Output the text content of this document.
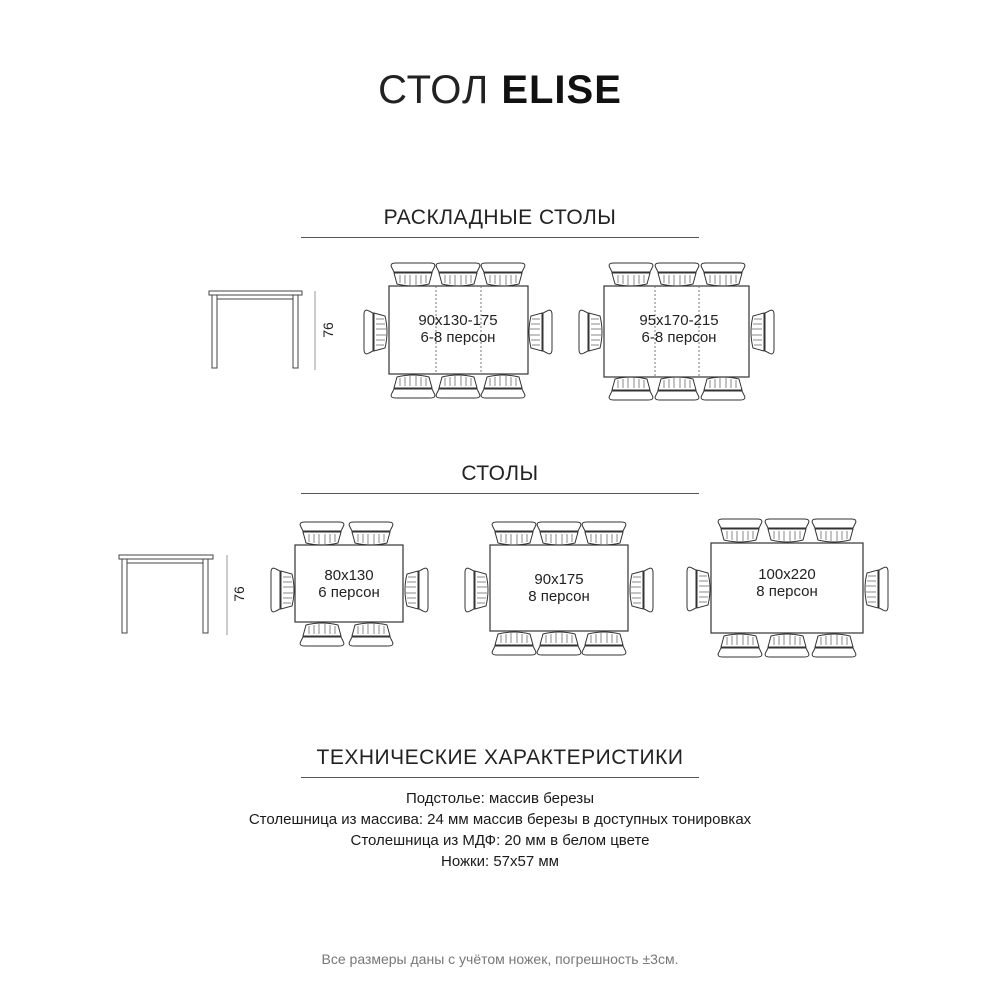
СТОЛ ELISE
РАСКЛАДНЫЕ СТОЛЫ
СТОЛЫ
ТЕХНИЧЕСКИЕ ХАРАКТЕРИСТИКИ
76
90х130-175
6-8 персон
95х170-215
6-8 персон
76
80х130
6 персон
90х175
8 персон
100х220
8 персон
Подстолье: массив березы
Столешница из массива: 24 мм массив березы в доступных тонировках
Столешница из МДФ: 20 мм в белом цвете
Ножки: 57х57 мм
Все размеры даны с учётом ножек, погрешность ±3см.
